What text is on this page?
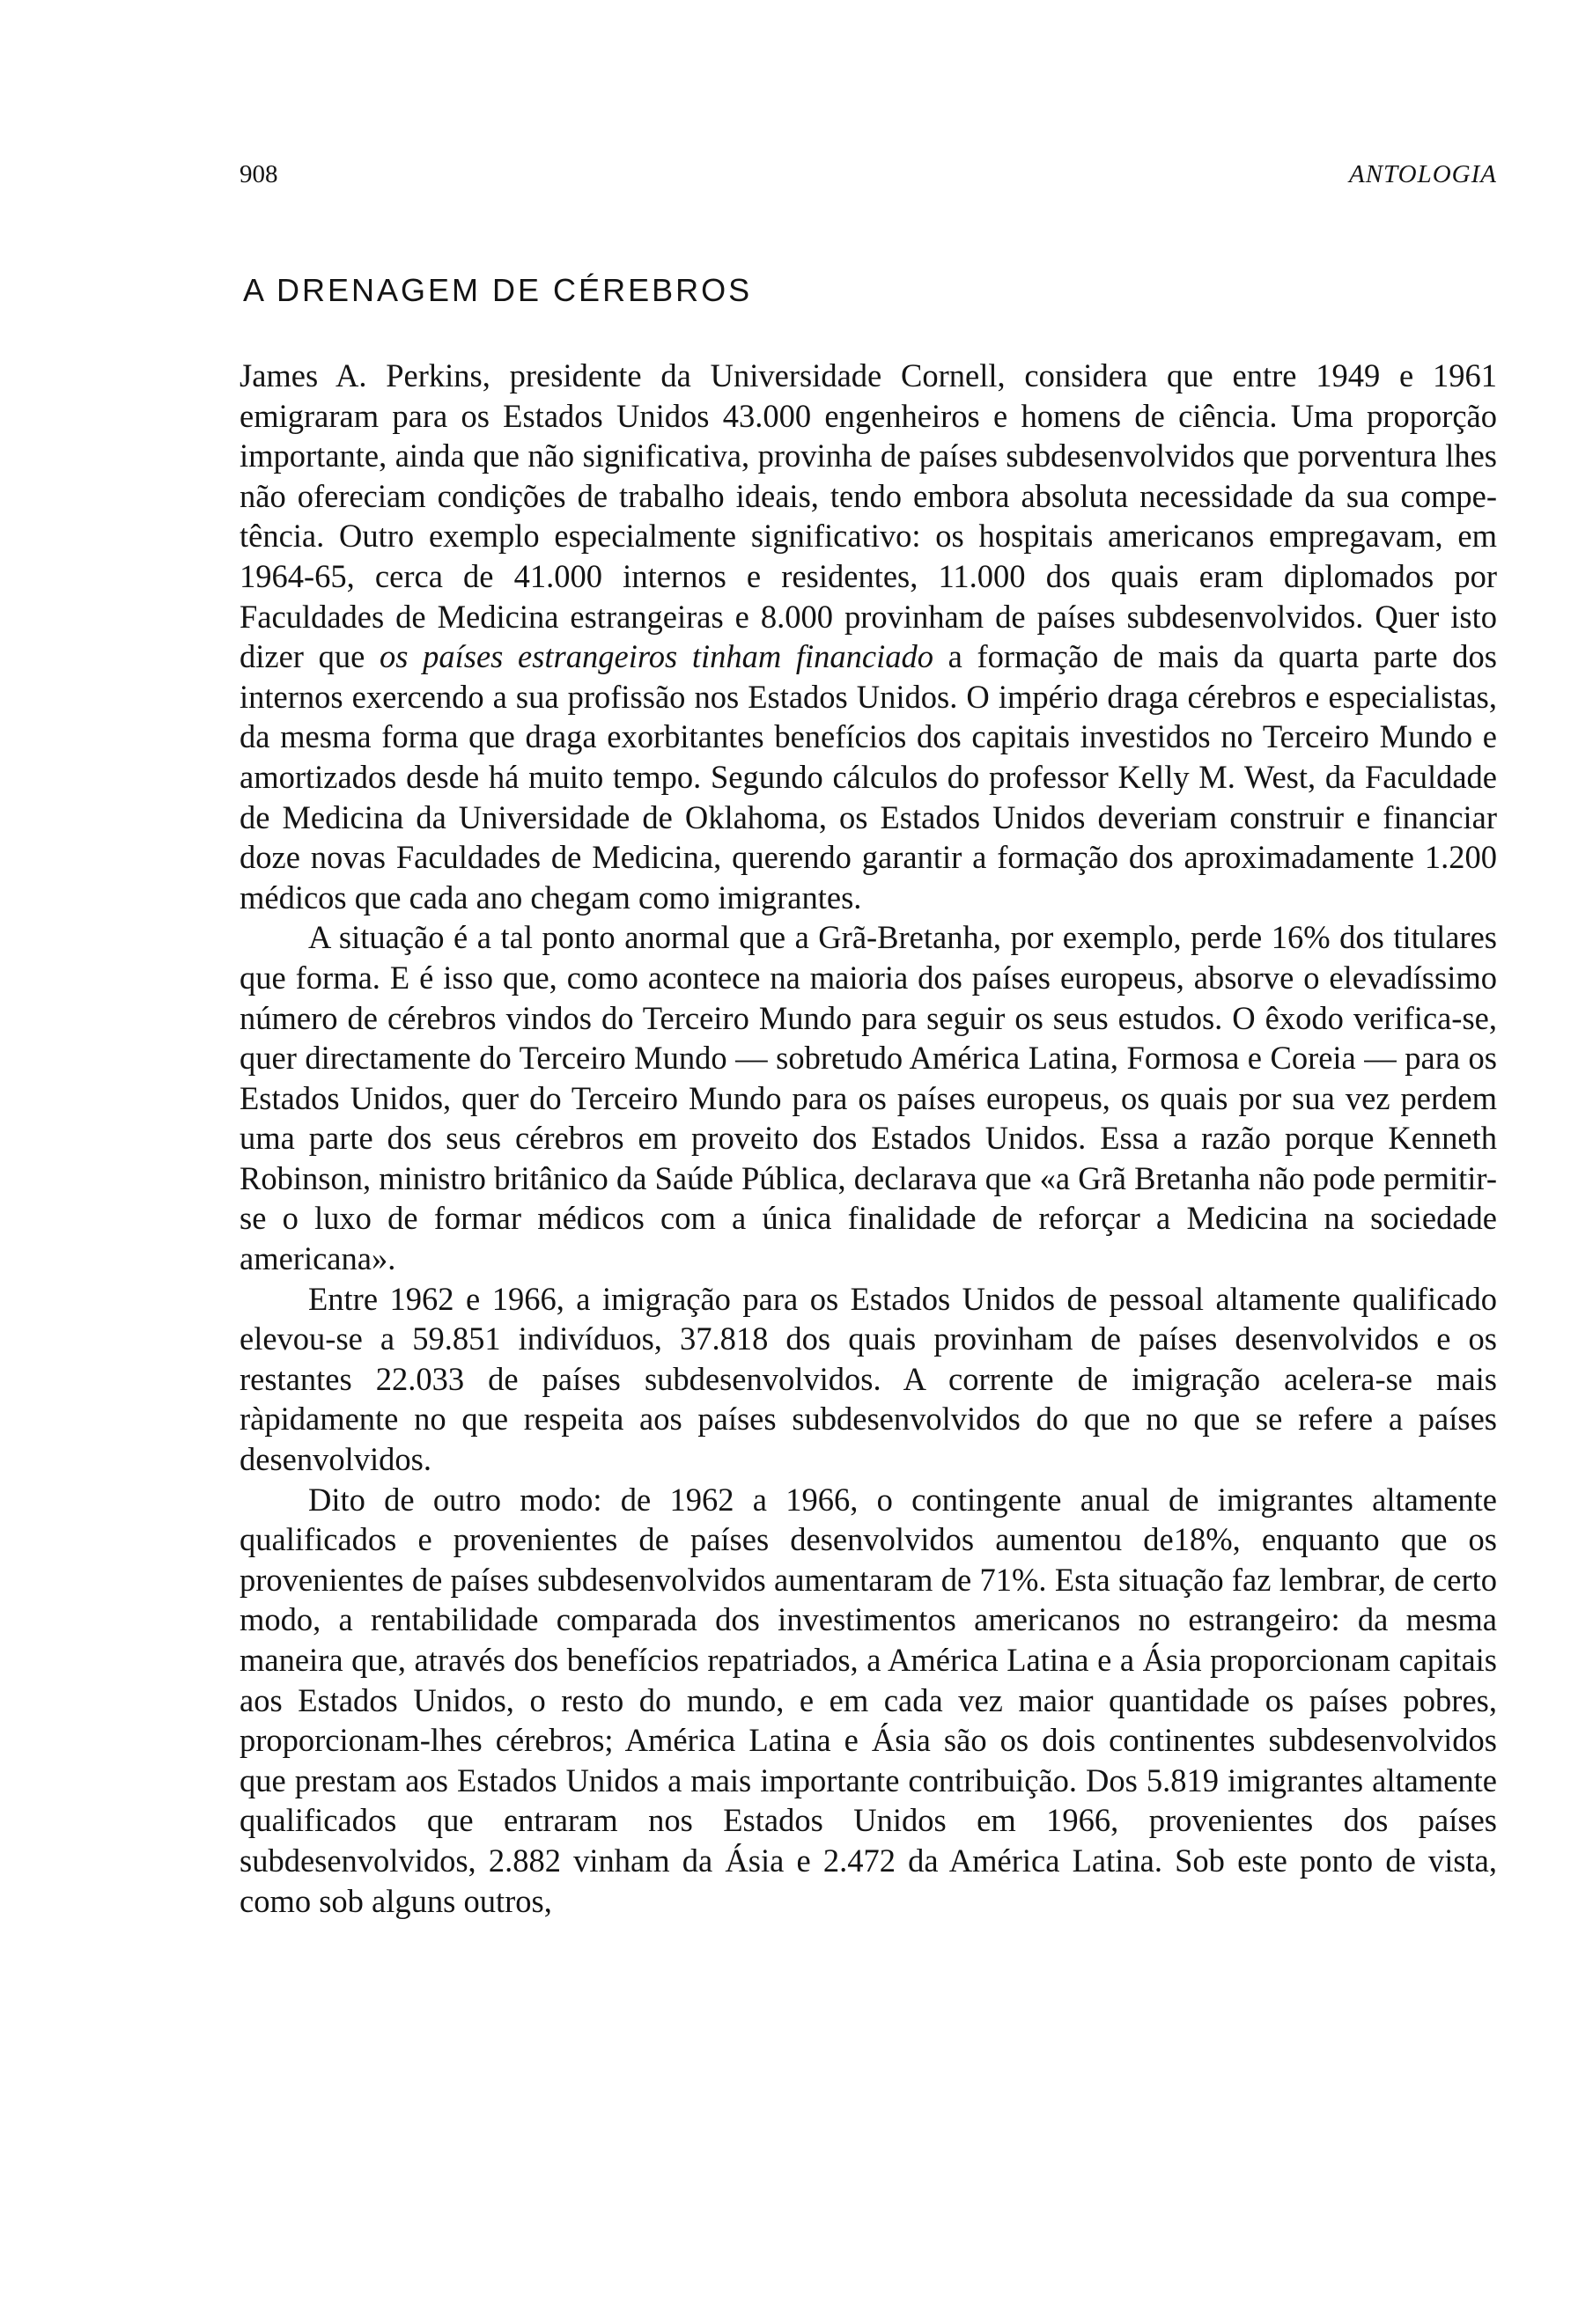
908	ANTOLOGIA
A DRENAGEM DE CÉREBROS

James A. Perkins, presidente da Universidade Cornell, considera que entre 1949 e 1961 emigraram para os Estados Unidos 43.000 engenheiros e homens de ciência. Uma proporção importante, ainda que não significativa, provinha de países subdesenvolvidos que porventura lhes não ofereciam condições de trabalho ideais, tendo embora absoluta necessidade da sua competência. Outro exemplo especialmente significativo: os hospitais americanos empregavam, em 1964-65, cerca de 41.000 internos e residentes, 11.000 dos quais eram diplomados por Faculdades de Medicina estrangeiras e 8.000 provinham de países subdesenvolvidos. Quer isto dizer que os países estrangeiros tinham financiado a formação de mais da quarta parte dos internos exercendo a sua profissão nos Estados Unidos. O império draga cérebros e especialistas, da mesma forma que draga exorbitantes benefícios dos capitais investidos no Terceiro Mundo e amortizados desde há muito tempo. Segundo cálculos do professor Kelly M. West, da Faculdade de Medicina da Universidade de Oklahoma, os Estados Unidos deveriam construir e financiar doze novas Faculdades de Medicina, querendo garantir a formação dos aproximadamente 1.200 médicos que cada ano chegam como imigrantes.

A situação é a tal ponto anormal que a Grã-Bretanha, por exemplo, perde 16% dos titulares que forma. E é isso que, como acontece na maioria dos países europeus, absorve o elevadíssimo número de cérebros vindos do Terceiro Mundo para seguir os seus estudos. O êxodo verifica-se, quer directamente do Terceiro Mundo — sobretudo América Latina, Formosa e Coreia — para os Estados Unidos, quer do Terceiro Mundo para os países europeus, os quais por sua vez perdem uma parte dos seus cérebros em proveito dos Estados Unidos. Essa a razão porque Kenneth Robinson, ministro britânico da Saúde Pública, declarava que «a Grã Bretanha não pode permitir-se o luxo de formar médicos com a única finalidade de reforçar a Medicina na sociedade americana».

Entre 1962 e 1966, a imigração para os Estados Unidos de pessoal altamente qualificado elevou-se a 59.851 indivíduos, 37.818 dos quais provinham de países desenvolvidos e os restantes 22.033 de países subdesenvolvidos. A corrente de imigração acelera-se mais ràpidamente no que respeita aos países subdesenvolvidos do que no que se refere a países desenvolvidos.

Dito de outro modo: de 1962 a 1966, o contingente anual de imigrantes altamente qualificados e provenientes de países desenvolvidos aumentou de18%, enquanto que os provenientes de países subdesenvolvidos aumentaram de 71%. Esta situação faz lembrar, de certo modo, a rentabilidade comparada dos investimentos americanos no estrangeiro: da mesma maneira que, através dos benefícios repatriados, a América Latina e a Ásia proporcionam capitais aos Estados Unidos, o resto do mundo, e em cada vez maior quantidade os países pobres, proporcionam-lhes cérebros; América Latina e Ásia são os dois continentes subdesenvolvidos que prestam aos Estados Unidos a mais importante contribuição. Dos 5.819 imigrantes altamente qualificados que entraram nos Estados Unidos em 1966, provenientes dos países subdesenvolvidos, 2.882 vinham da Ásia e 2.472 da América Latina. Sob este ponto de vista, como sob alguns outros,
